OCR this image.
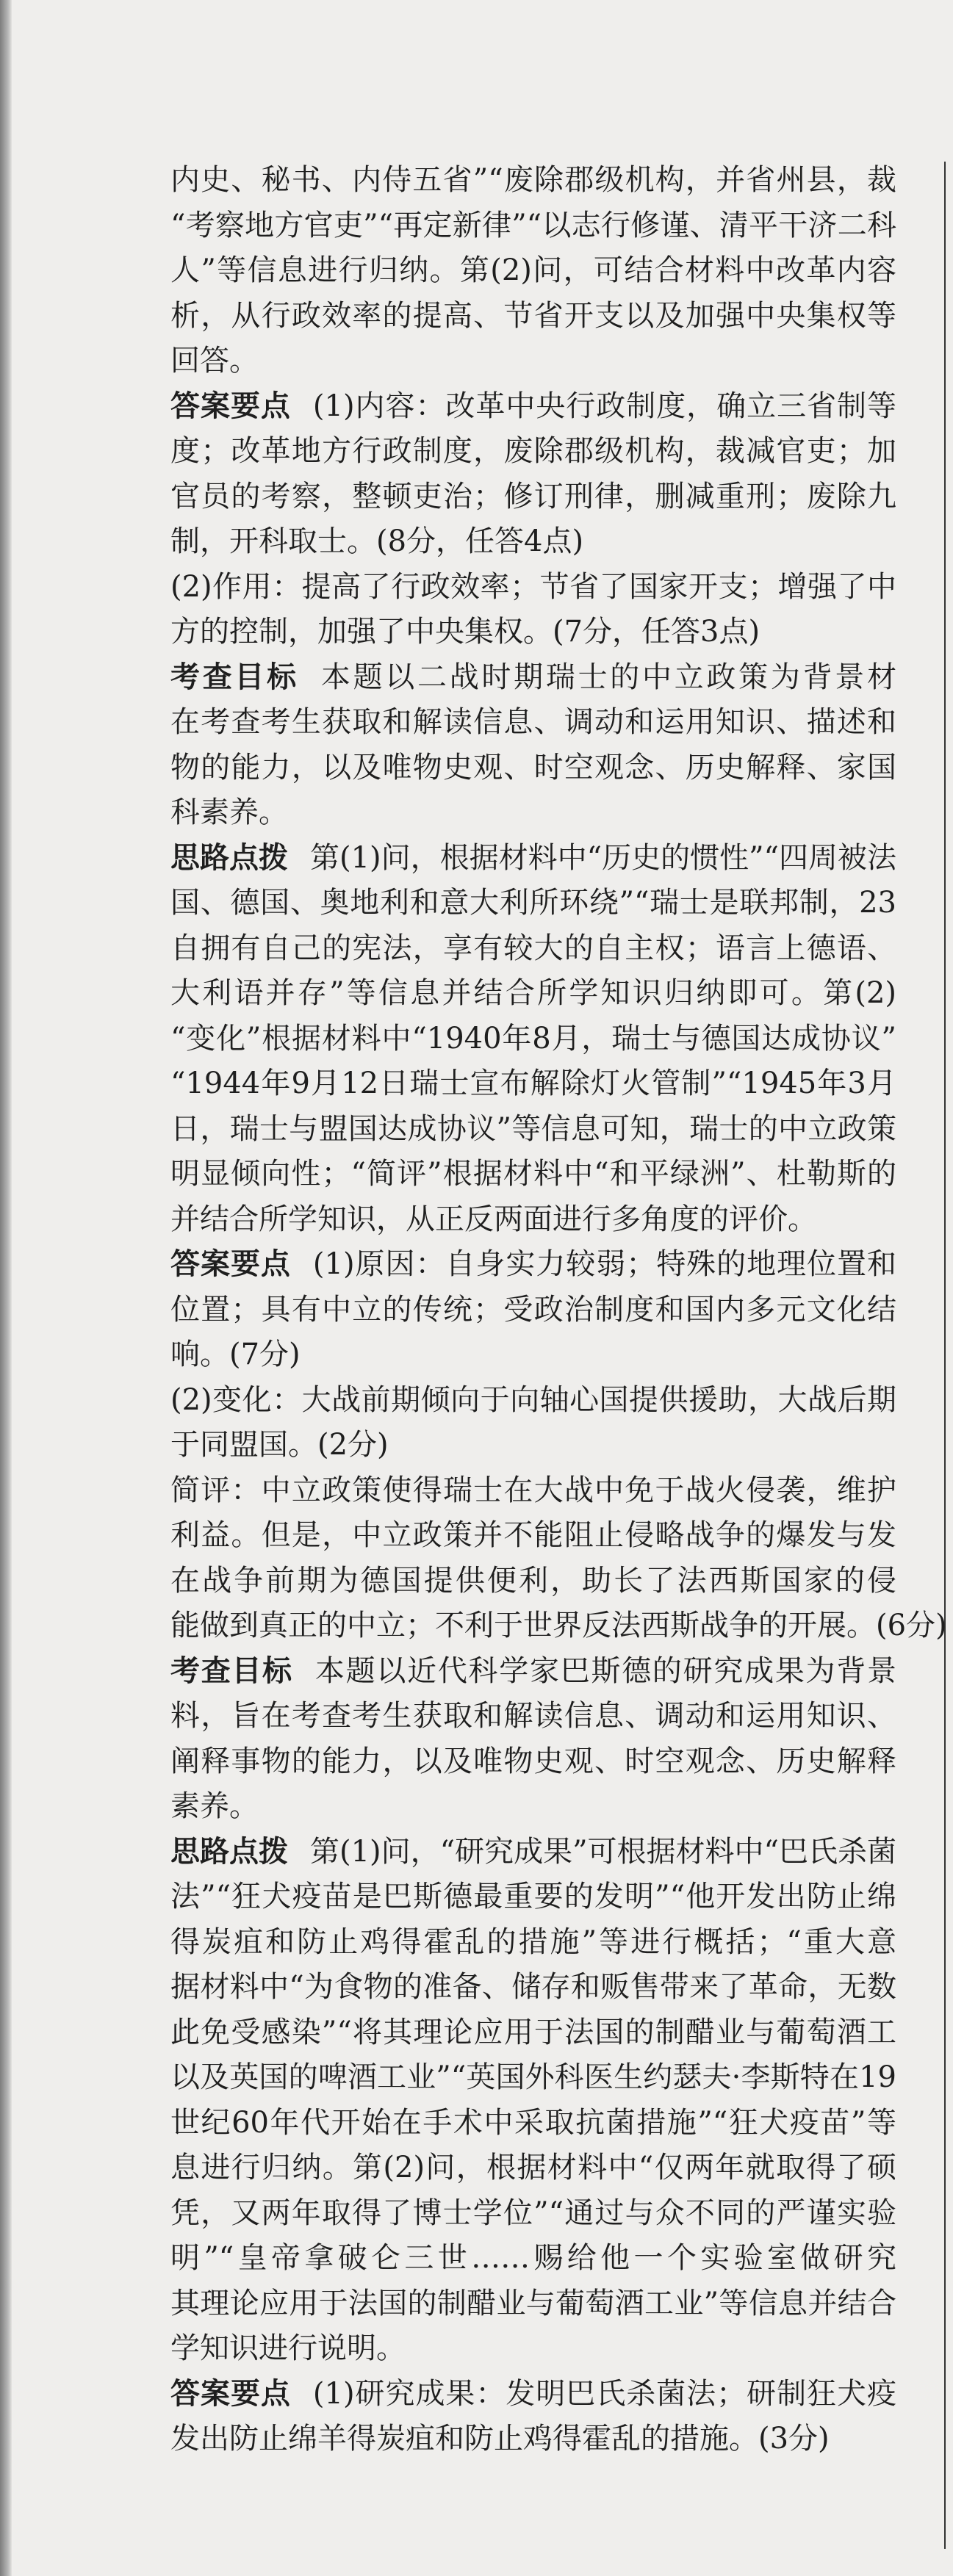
内史、秘书、内侍五省”“废除郡级机构，并省州县，裁
“考察地方官吏”“再定新律”“以志行修谨、清平干济二科
人”等信息进行归纳。第(2)问，可结合材料中改革内容
析，从行政效率的提高、节省开支以及加强中央集权等
回答。
答案要点 (1)内容：改革中央行政制度，确立三省制等
度；改革地方行政制度，废除郡级机构，裁减官吏；加
官员的考察，整顿吏治；修订刑律，删减重刑；废除九
制，开科取士。(8分，任答4点)
(2)作用：提高了行政效率；节省了国家开支；增强了中
方的控制，加强了中央集权。(7分，任答3点)
考查目标 本题以二战时期瑞士的中立政策为背景材
在考查考生获取和解读信息、调动和运用知识、描述和
物的能力，以及唯物史观、时空观念、历史解释、家国
科素养。
思路点拨 第(1)问，根据材料中“历史的惯性”“四周被法
国、德国、奥地利和意大利所环绕”“瑞士是联邦制，23
自拥有自己的宪法，享有较大的自主权；语言上德语、
大利语并存”等信息并结合所学知识归纳即可。第(2)
“变化”根据材料中“1940年8月，瑞士与德国达成协议”
“1944年9月12日瑞士宣布解除灯火管制”“1945年3月
日，瑞士与盟国达成协议”等信息可知，瑞士的中立政策
明显倾向性；“简评”根据材料中“和平绿洲”、杜勒斯的
并结合所学知识，从正反两面进行多角度的评价。
答案要点 (1)原因：自身实力较弱；特殊的地理位置和
位置；具有中立的传统；受政治制度和国内多元文化结
响。(7分)
(2)变化：大战前期倾向于向轴心国提供援助，大战后期
于同盟国。(2分)
简评：中立政策使得瑞士在大战中免于战火侵袭，维护
利益。但是，中立政策并不能阻止侵略战争的爆发与发
在战争前期为德国提供便利，助长了法西斯国家的侵
能做到真正的中立；不利于世界反法西斯战争的开展。(6分)
考查目标 本题以近代科学家巴斯德的研究成果为背景
料，旨在考查考生获取和解读信息、调动和运用知识、
阐释事物的能力，以及唯物史观、时空观念、历史解释
素养。
思路点拨 第(1)问，“研究成果”可根据材料中“巴氏杀菌
法”“狂犬疫苗是巴斯德最重要的发明”“他开发出防止绵
得炭疽和防止鸡得霍乱的措施”等进行概括；“重大意
据材料中“为食物的准备、储存和贩售带来了革命，无数
此免受感染”“将其理论应用于法国的制醋业与葡萄酒工
以及英国的啤酒工业”“英国外科医生约瑟夫·李斯特在19
世纪60年代开始在手术中采取抗菌措施”“狂犬疫苗”等
息进行归纳。第(2)问，根据材料中“仅两年就取得了硕
凭，又两年取得了博士学位”“通过与众不同的严谨实验
明”“皇帝拿破仑三世……赐给他一个实验室做研究
其理论应用于法国的制醋业与葡萄酒工业”等信息并结合
学知识进行说明。
答案要点 (1)研究成果：发明巴氏杀菌法；研制狂犬疫
发出防止绵羊得炭疽和防止鸡得霍乱的措施。(3分)
